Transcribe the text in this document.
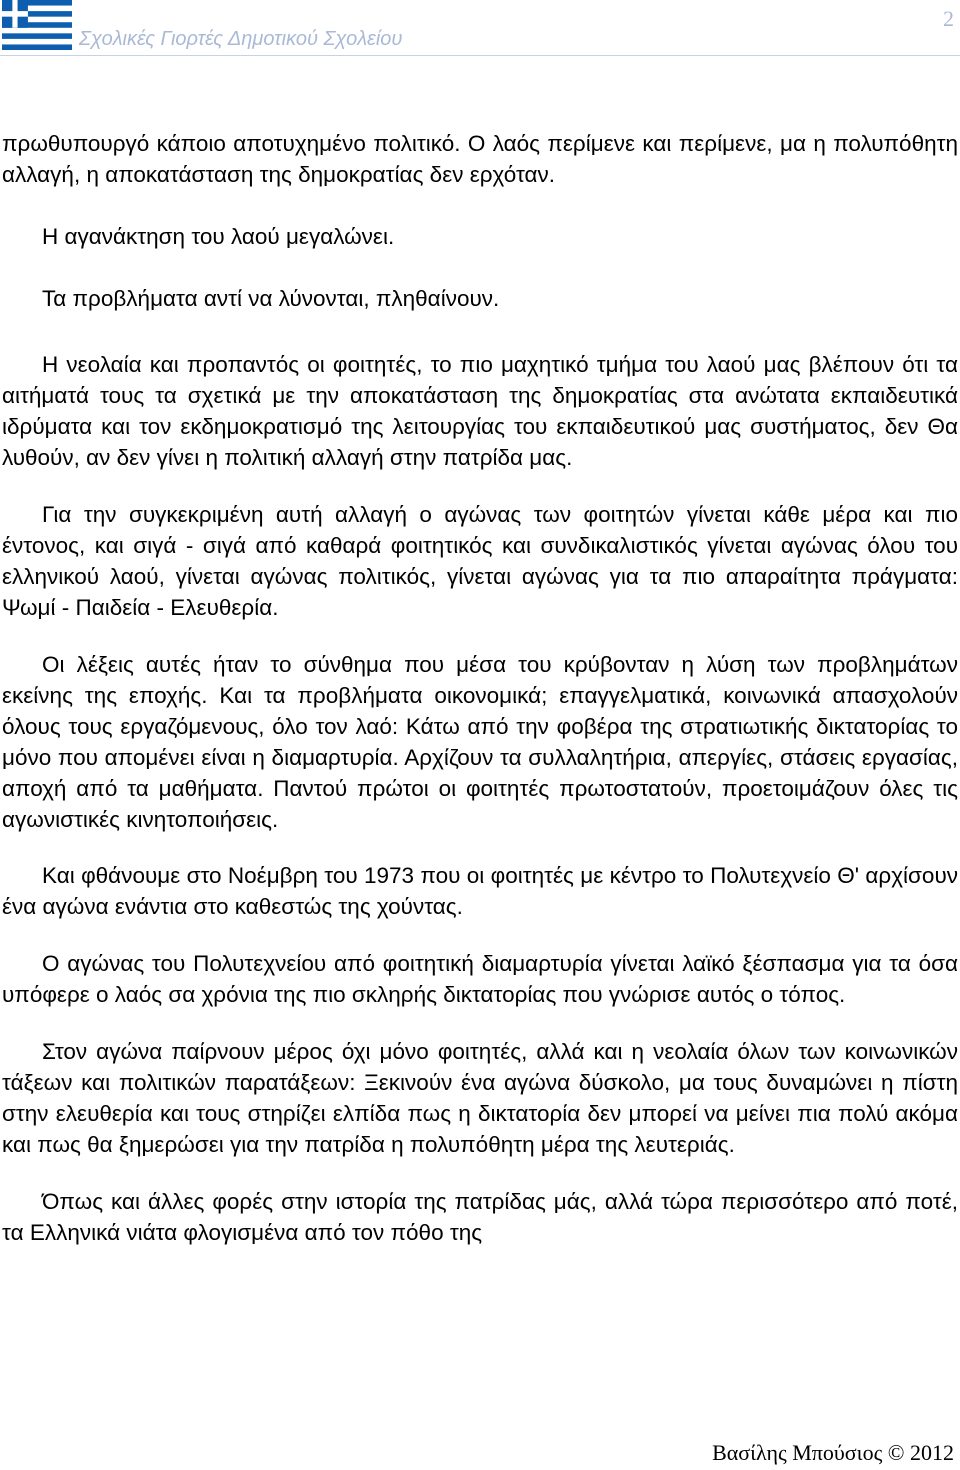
Σχολικές Γιορτές Δημοτικού Σχολείου
2

πρωθυπουργό κάποιο αποτυχημένο πολιτικό. Ο λαός περίμενε και περίμενε, μα η πολυπόθητη αλλαγή, η αποκατάσταση της δημοκρατίας δεν ερχόταν.

Η αγανάκτηση του λαού μεγαλώνει.

Τα προβλήματα αντί να λύνονται, πληθαίνουν.

Η νεολαία και προπαντός οι φοιτητές, το πιο μαχητικό τμήμα του λαού μας βλέπουν ότι τα αιτήματά τους τα σχετικά με την αποκατάσταση της δημοκρατίας στα ανώτατα εκπαιδευτικά ιδρύματα και τον εκδημοκρατισμό της λειτουργίας του εκπαιδευτικού μας συστήματος, δεν Θα λυθούν, αν δεν γίνει η πολιτική αλλαγή στην πατρίδα μας.

Για την συγκεκριμένη αυτή αλλαγή ο αγώνας των φοιτητών γίνεται κάθε μέρα και πιο έντονος, και σιγά - σιγά από καθαρά φοιτητικός και συνδικαλιστικός γίνεται αγώνας όλου του ελληνικού λαού, γίνεται αγώνας πολιτικός, γίνεται αγώνας για τα πιο απαραίτητα πράγματα: Ψωμί - Παιδεία - Ελευθερία.

Οι λέξεις αυτές ήταν το σύνθημα που μέσα του κρύβονταν η λύση των προβλημάτων εκείνης της εποχής. Και τα προβλήματα οικονομικά; επαγγελματικά, κοινωνικά απασχολούν όλους τους εργαζόμενους, όλο τον λαό: Κάτω από την φοβέρα της στρατιωτικής δικτατορίας το μόνο που απομένει είναι η διαμαρτυρία. Αρχίζουν τα συλλαλητήρια, απεργίες, στάσεις εργασίας, αποχή από τα μαθήματα. Παντού πρώτοι οι φοιτητές πρωτοστατούν, προετοιμάζουν όλες τις αγωνιστικές κινητοποιήσεις.

Και φθάνουμε στο Νοέμβρη του 1973 που οι φοιτητές με κέντρο το Πολυτεχνείο Θ' αρχίσουν ένα αγώνα ενάντια στο καθεστώς της χούντας.

Ο αγώνας του Πολυτεχνείου από φοιτητική διαμαρτυρία γίνεται λαϊκό ξέσπασμα για τα όσα υπόφερε ο λαός σα χρόνια της πιο σκληρής δικτατορίας που γνώρισε αυτός ο τόπος.

Στον αγώνα παίρνουν μέρος όχι μόνο φοιτητές, αλλά και η νεολαία όλων των κοινωνικών τάξεων και πολιτικών παρατάξεων: Ξεκινούν ένα αγώνα δύσκολο, μα τους δυναμώνει η πίστη στην ελευθερία και τους στηρίζει ελπίδα πως η δικτατορία δεν μπορεί να μείνει πια πολύ ακόμα και πως θα ξημερώσει για την πατρίδα η πολυπόθητη μέρα της λευτεριάς.

Όπως και άλλες φορές στην ιστορία της πατρίδας μάς, αλλά τώρα περισσότερο από ποτέ, τα Ελληνικά νιάτα φλογισμένα από τον πόθο της

Βασίλης Μπούσιος © 2012
